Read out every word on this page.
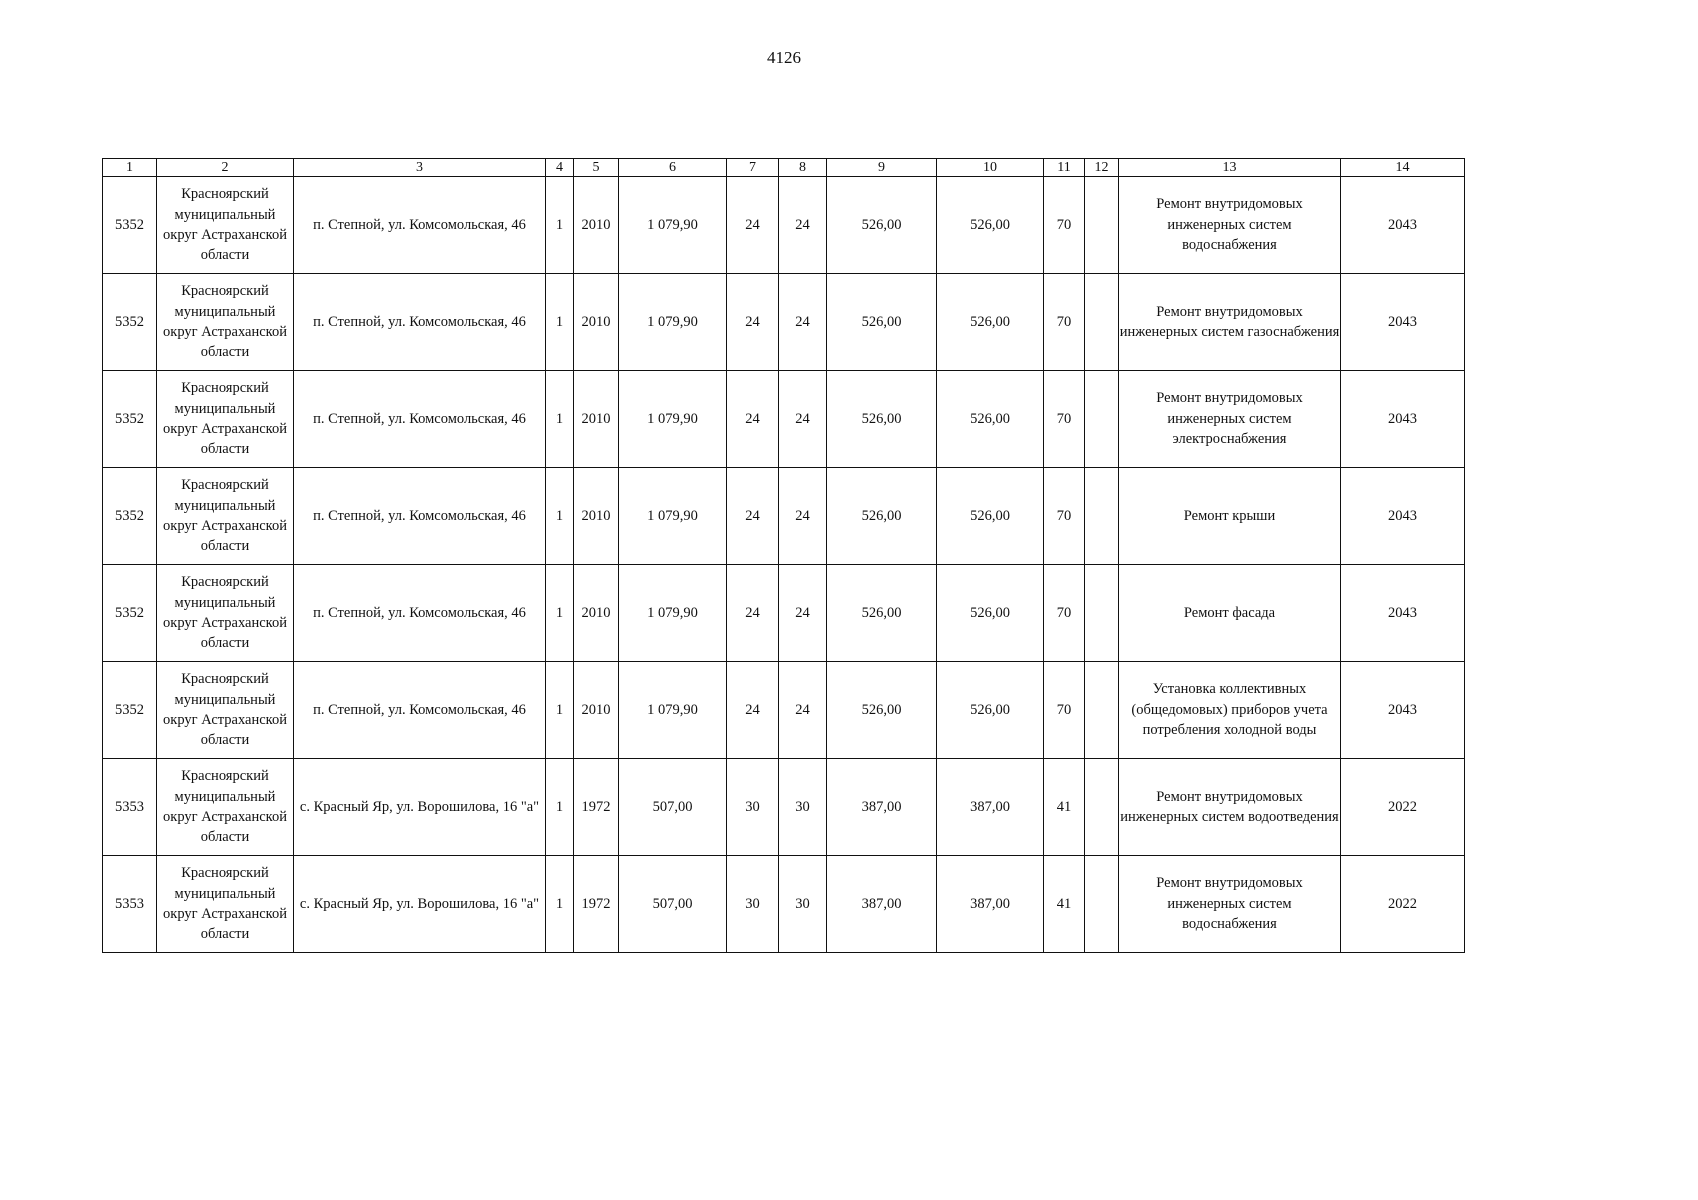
4126
1	2	3	4	5	6	7	8	9	10	11	12	13	14
5352	Красноярский муниципальный округ Астраханской области	п. Степной, ул. Комсомольская, 46	1	2010	1 079,90	24	24	526,00	526,00	70		Ремонт внутридомовых инженерных систем водоснабжения	2043
5352	Красноярский муниципальный округ Астраханской области	п. Степной, ул. Комсомольская, 46	1	2010	1 079,90	24	24	526,00	526,00	70		Ремонт внутридомовых инженерных систем газоснабжения	2043
5352	Красноярский муниципальный округ Астраханской области	п. Степной, ул. Комсомольская, 46	1	2010	1 079,90	24	24	526,00	526,00	70		Ремонт внутридомовых инженерных систем электроснабжения	2043
5352	Красноярский муниципальный округ Астраханской области	п. Степной, ул. Комсомольская, 46	1	2010	1 079,90	24	24	526,00	526,00	70		Ремонт крыши	2043
5352	Красноярский муниципальный округ Астраханской области	п. Степной, ул. Комсомольская, 46	1	2010	1 079,90	24	24	526,00	526,00	70		Ремонт фасада	2043
5352	Красноярский муниципальный округ Астраханской области	п. Степной, ул. Комсомольская, 46	1	2010	1 079,90	24	24	526,00	526,00	70		Установка коллективных (общедомовых) приборов учета потребления холодной воды	2043
5353	Красноярский муниципальный округ Астраханской области	с. Красный Яр, ул. Ворошилова, 16 "а"	1	1972	507,00	30	30	387,00	387,00	41		Ремонт внутридомовых инженерных систем водоотведения	2022
5353	Красноярский муниципальный округ Астраханской области	с. Красный Яр, ул. Ворошилова, 16 "а"	1	1972	507,00	30	30	387,00	387,00	41		Ремонт внутридомовых инженерных систем водоснабжения	2022
